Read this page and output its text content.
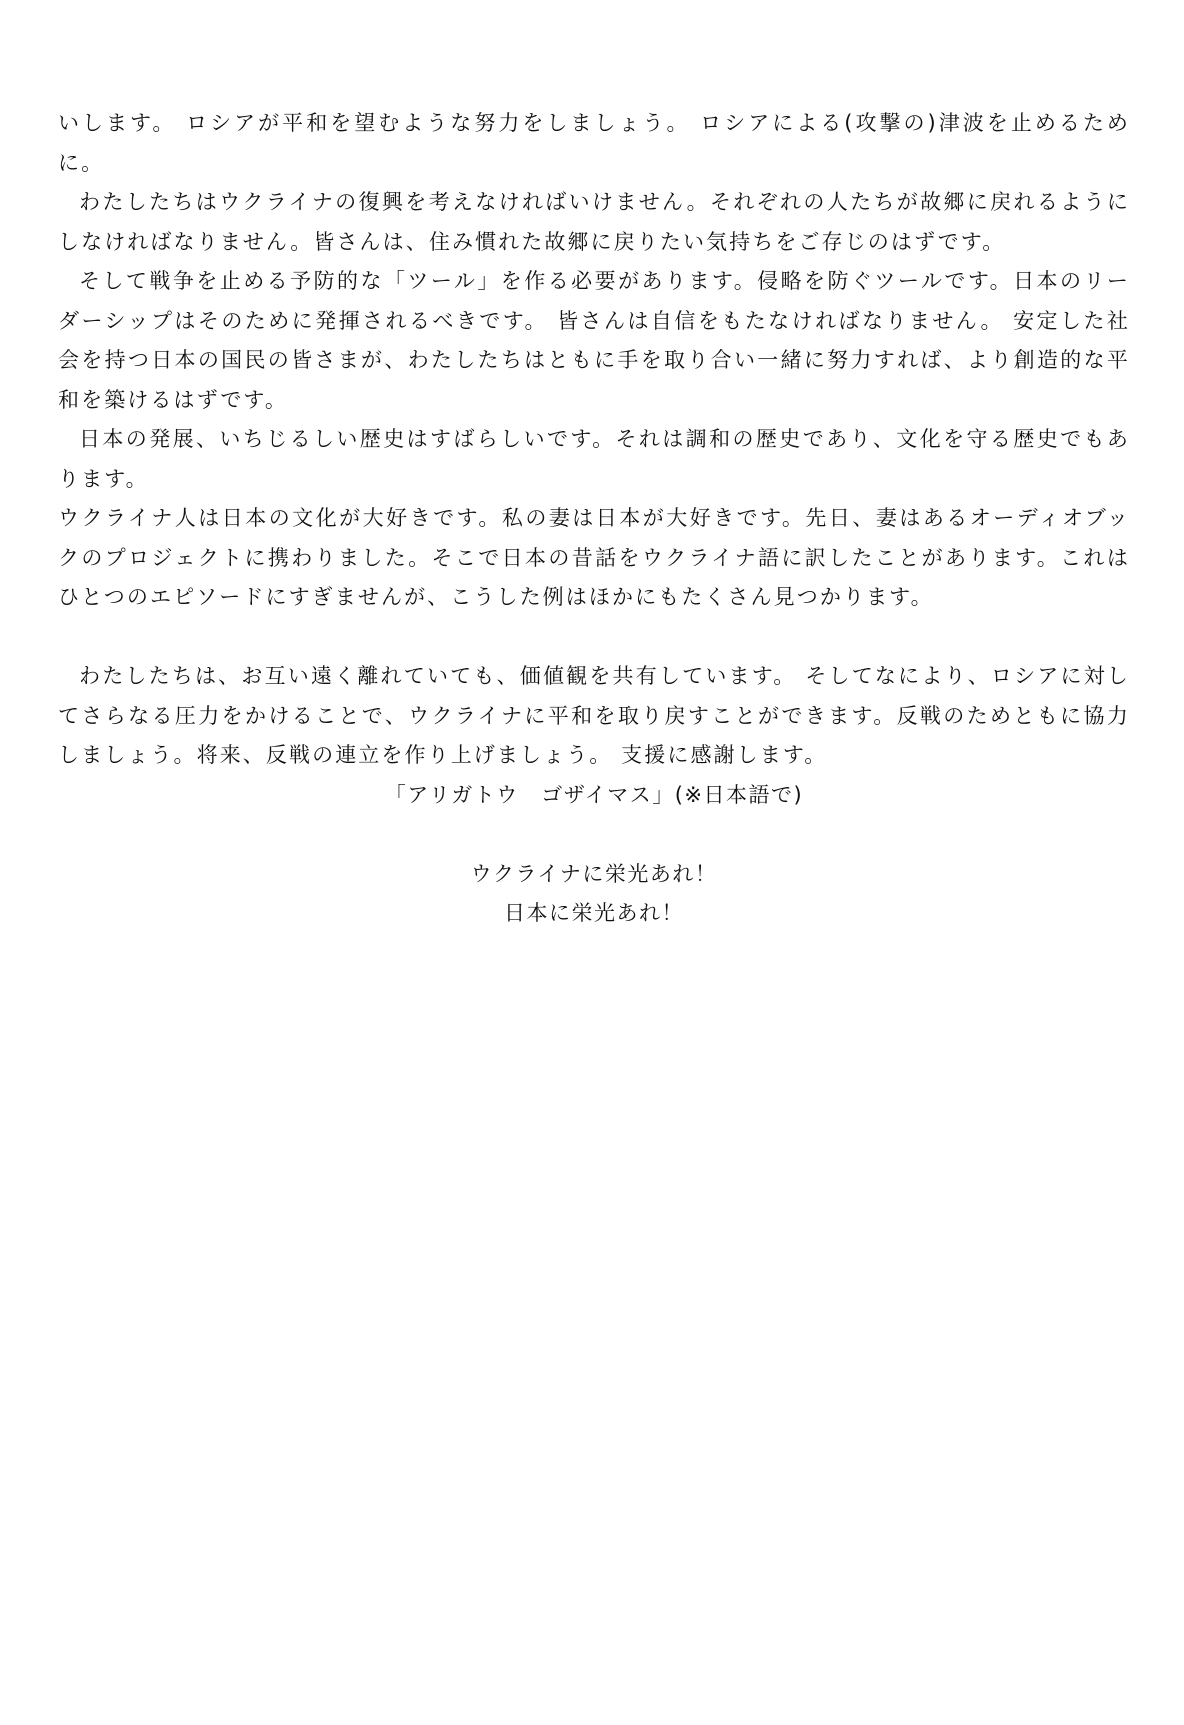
いします。 ロシアが平和を望むような努力をしましょう。 ロシアによる(攻撃の)津波を止めるために。

わたしたちはウクライナの復興を考えなければいけません。それぞれの人たちが故郷に戻れるようにしなければなりません。皆さんは、住み慣れた故郷に戻りたい気持ちをご存じのはずです。

そして戦争を止める予防的な「ツール」を作る必要があります。侵略を防ぐツールです。日本のリーダーシップはそのために発揮されるべきです。 皆さんは自信をもたなければなりません。 安定した社会を持つ日本の国民の皆さまが、わたしたちはともに手を取り合い一緒に努力すれば、より創造的な平和を築けるはずです。

日本の発展、いちじるしい歴史はすばらしいです。それは調和の歴史であり、文化を守る歴史でもあります。

ウクライナ人は日本の文化が大好きです。私の妻は日本が大好きです。先日、妻はあるオーディオブックのプロジェクトに携わりました。そこで日本の昔話をウクライナ語に訳したことがあります。これはひとつのエピソードにすぎませんが、こうした例はほかにもたくさん見つかります。

わたしたちは、お互い遠く離れていても、価値観を共有しています。 そしてなにより、ロシアに対してさらなる圧力をかけることで、ウクライナに平和を取り戻すことができます。反戦のためともに協力しましょう。将来、反戦の連立を作り上げましょう。 支援に感謝します。

「アリガトウ　ゴザイマス」(※日本語で)

ウクライナに栄光あれ！

日本に栄光あれ！
